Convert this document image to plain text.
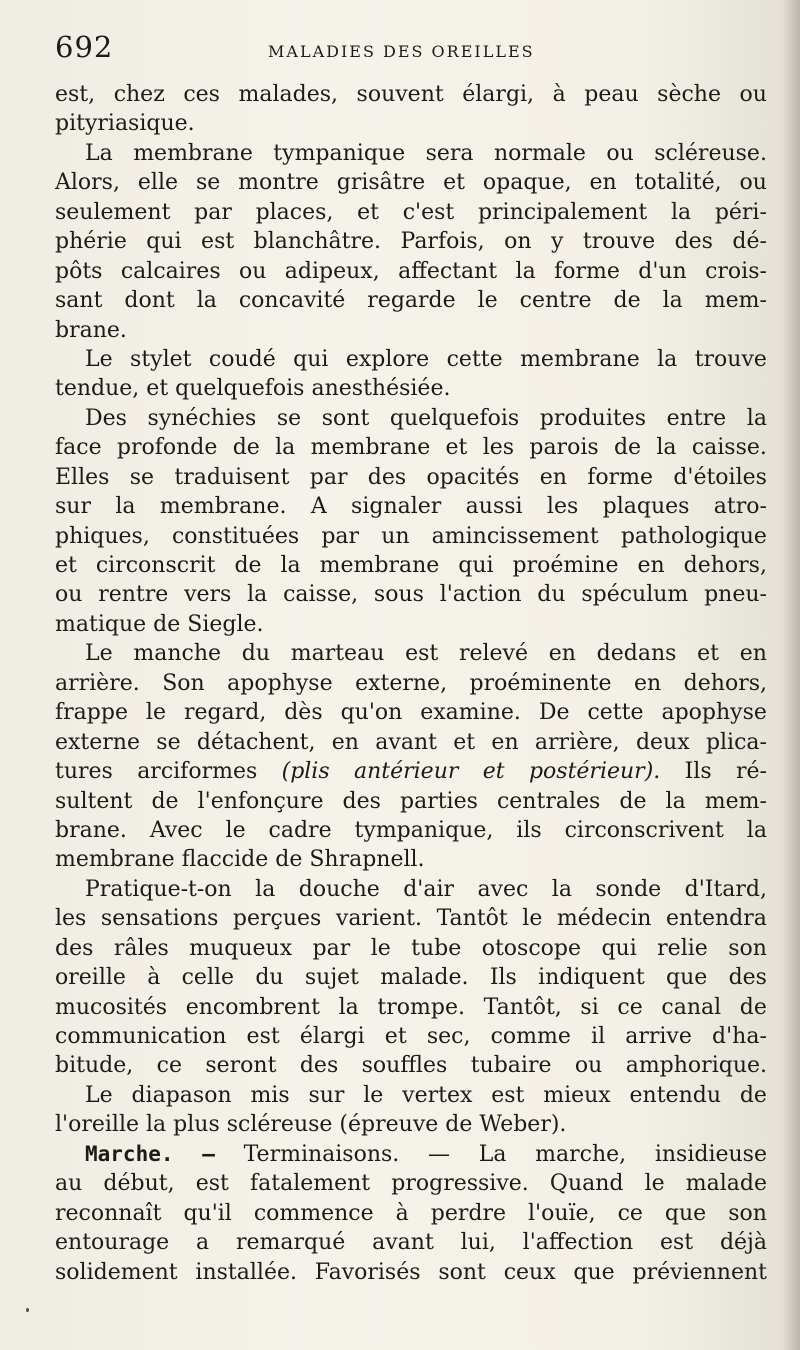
692	MALADIES DES OREILLES
est, chez ces malades, souvent élargi, à peau sèche ou
pityriasique.
La membrane tympanique sera normale ou scléreuse.
Alors, elle se montre grisâtre et opaque, en totalité, ou
seulement par places, et c'est principalement la péri-
phérie qui est blanchâtre. Parfois, on y trouve des dé-
pôts calcaires ou adipeux, affectant la forme d'un crois-
sant dont la concavité regarde le centre de la mem-
brane.
Le stylet coudé qui explore cette membrane la trouve
tendue, et quelquefois anesthésiée.
Des synéchies se sont quelquefois produites entre la
face profonde de la membrane et les parois de la caisse.
Elles se traduisent par des opacités en forme d'étoiles
sur la membrane. A signaler aussi les plaques atro-
phiques, constituées par un amincissement pathologique
et circonscrit de la membrane qui proémine en dehors,
ou rentre vers la caisse, sous l'action du spéculum pneu-
matique de Siegle.
Le manche du marteau est relevé en dedans et en
arrière. Son apophyse externe, proéminente en dehors,
frappe le regard, dès qu'on examine. De cette apophyse
externe se détachent, en avant et en arrière, deux plica-
tures arciformes (plis antérieur et postérieur). Ils ré-
sultent de l'enfonçure des parties centrales de la mem-
brane. Avec le cadre tympanique, ils circonscrivent la
membrane flaccide de Shrapnell.
Pratique-t-on la douche d'air avec la sonde d'Itard,
les sensations perçues varient. Tantôt le médecin entendra
des râles muqueux par le tube otoscope qui relie son
oreille à celle du sujet malade. Ils indiquent que des
mucosités encombrent la trompe. Tantôt, si ce canal de
communication est élargi et sec, comme il arrive d'ha-
bitude, ce seront des souffles tubaire ou amphorique.
Le diapason mis sur le vertex est mieux entendu de
l'oreille la plus scléreuse (épreuve de Weber).
Marche. — Terminaisons. — La marche, insidieuse
au début, est fatalement progressive. Quand le malade
reconnaît qu'il commence à perdre l'ouïe, ce que son
entourage a remarqué avant lui, l'affection est déjà
solidement installée. Favorisés sont ceux que préviennent
